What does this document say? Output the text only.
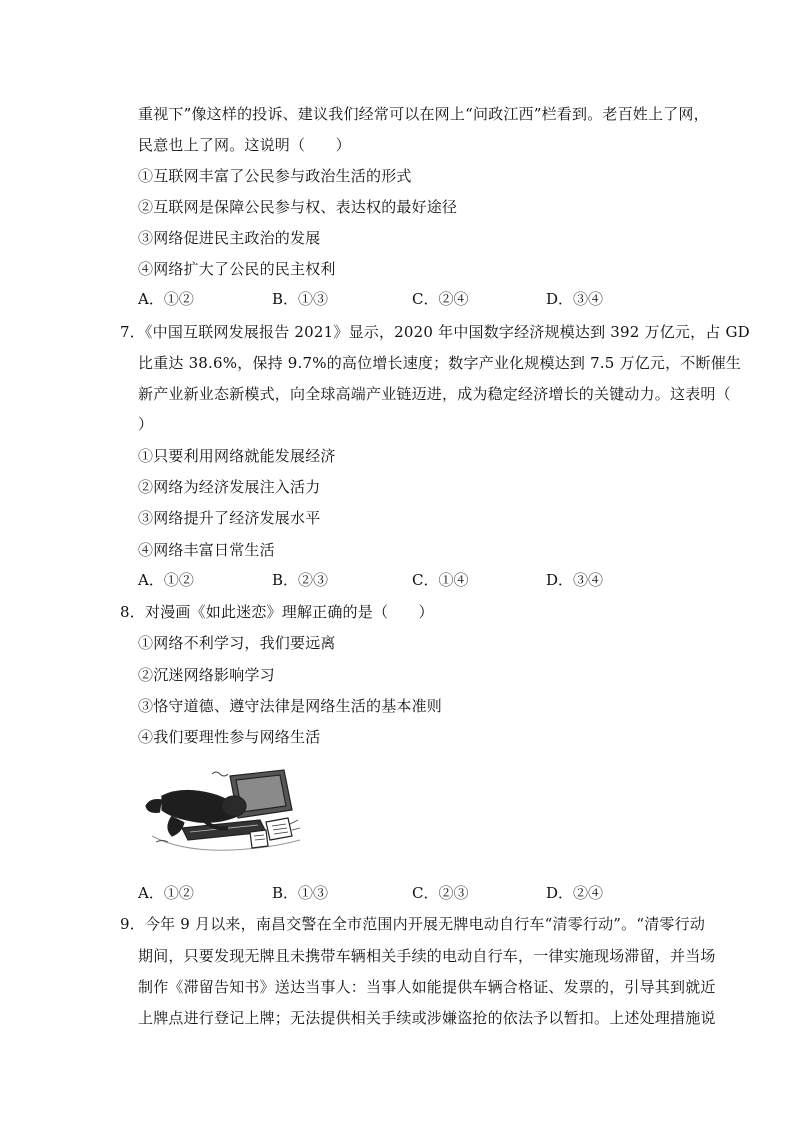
重视下”像这样的投诉、建议我们经常可以在网上“问政江西”栏看到。老百姓上了网，
民意也上了网。这说明（　　）
①互联网丰富了公民参与政治生活的形式
②互联网是保障公民参与权、表达权的最好途径
③网络促进民主政治的发展
④网络扩大了公民的民主权利
A．①②	B．①③	C．②④	D．③④
7．《中国互联网发展报告 2021》显示，2020 年中国数字经济规模达到 392 万亿元，占 GD
比重达 38.6%，保持 9.7%的高位增长速度；数字产业化规模达到 7.5 万亿元，不断催生
新产业新业态新模式，向全球高端产业链迈进，成为稳定经济增长的关键动力。这表明（
）
①只要利用网络就能发展经济
②网络为经济发展注入活力
③网络提升了经济发展水平
④网络丰富日常生活
A．①②	B．②③	C．①④	D．③④
8．对漫画《如此迷恋》理解正确的是（　　）
①网络不利学习，我们要远离
②沉迷网络影响学习
③恪守道德、遵守法律是网络生活的基本准则
④我们要理性参与网络生活
A．①②	B．①③	C．②③	D．②④
9．今年 9 月以来，南昌交警在全市范围内开展无牌电动自行车“清零行动”。“清零行动
期间，只要发现无牌且未携带车辆相关手续的电动自行车，一律实施现场滞留，并当场
制作《滞留告知书》送达当事人：当事人如能提供车辆合格证、发票的，引导其到就近
上牌点进行登记上牌；无法提供相关手续或涉嫌盗抢的依法予以暂扣。上述处理措施说
